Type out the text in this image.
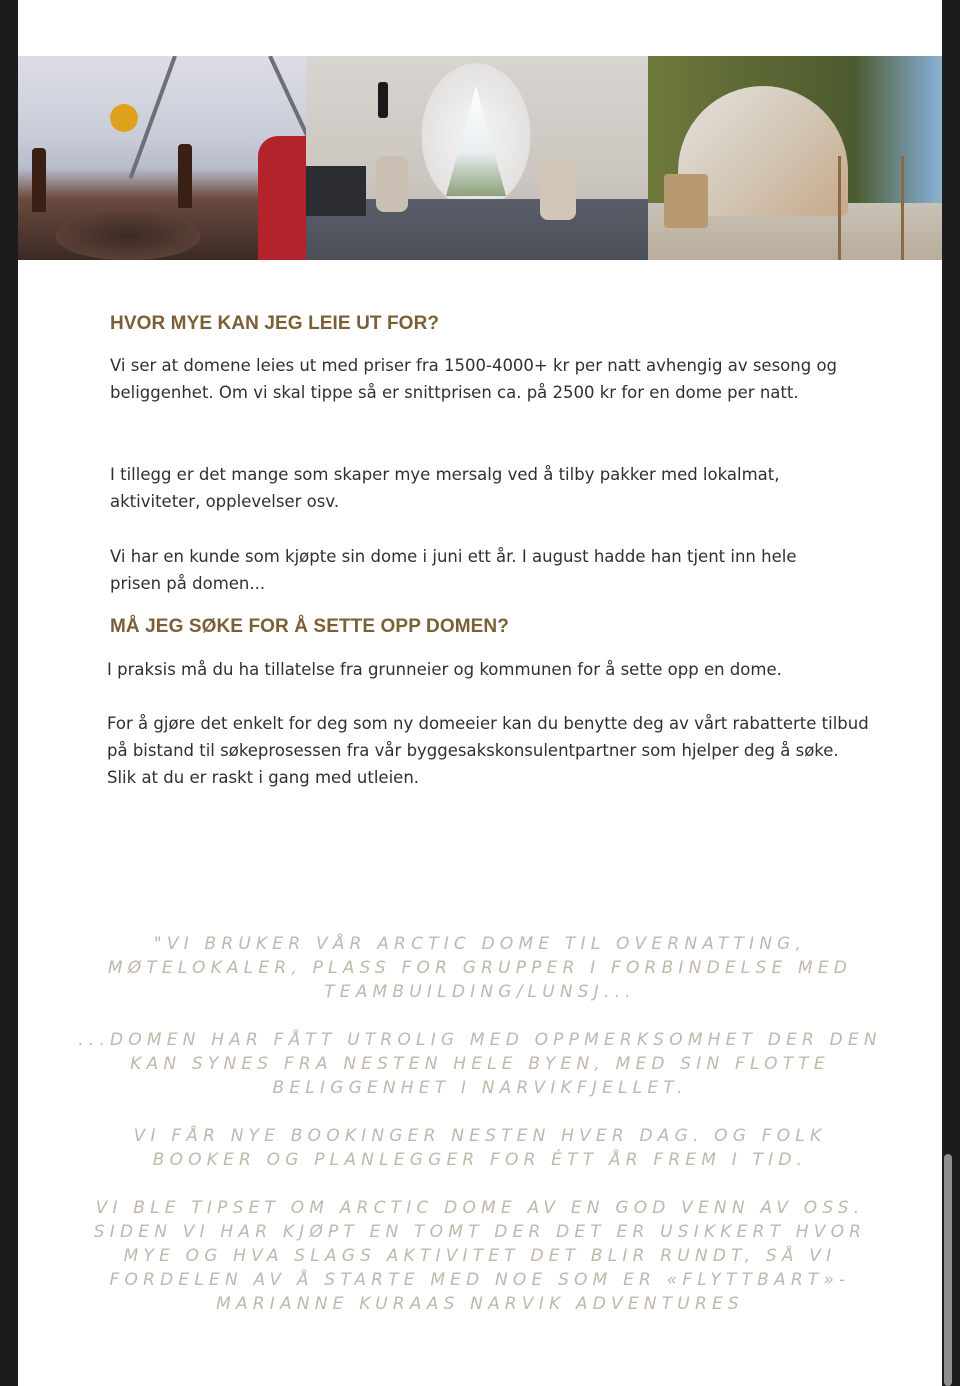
HVOR MYE KAN JEG LEIE UT FOR?

Vi ser at domene leies ut med priser fra 1500-4000+ kr per natt avhengig av sesong og beliggenhet. Om vi skal tippe så er snittprisen ca. på 2500 kr for en dome per natt.

I tillegg er det mange som skaper mye mersalg ved å tilby pakker med lokalmat, aktiviteter, opplevelser osv.

Vi har en kunde som kjøpte sin dome i juni ett år. I august hadde han tjent inn hele prisen på domen...

MÅ JEG SØKE FOR Å SETTE OPP DOMEN?

I praksis må du ha tillatelse fra grunneier og kommunen for å sette opp en dome.

For å gjøre det enkelt for deg som ny domeeier kan du benytte deg av vårt rabatterte tilbud på bistand til søkeprosessen fra vår byggesakskonsulentpartner som hjelper deg å søke. Slik at du er raskt i gang med utleien.

"VI BRUKER VÅR ARCTIC DOME TIL OVERNATTING, MØTELOKALER, PLASS FOR GRUPPER I FORBINDELSE MED TEAMBUILDING/LUNSJ...

...DOMEN HAR FÅTT UTROLIG MED OPPMERKSOMHET DER DEN KAN SYNES FRA NESTEN HELE BYEN, MED SIN FLOTTE BELIGGENHET I NARVIKFJELLET.

VI FÅR NYE BOOKINGER NESTEN HVER DAG. OG FOLK BOOKER OG PLANLEGGER FOR ÉTT ÅR FREM I TID.

VI BLE TIPSET OM ARCTIC DOME AV EN GOD VENN AV OSS. SIDEN VI HAR KJØPT EN TOMT DER DET ER USIKKERT HVOR MYE OG HVA SLAGS AKTIVITET DET BLIR RUNDT, SÅ VI FORDELEN AV Å STARTE MED NOE SOM ER «FLYTTBART»- MARIANNE KURAAS NARVIK ADVENTURES
